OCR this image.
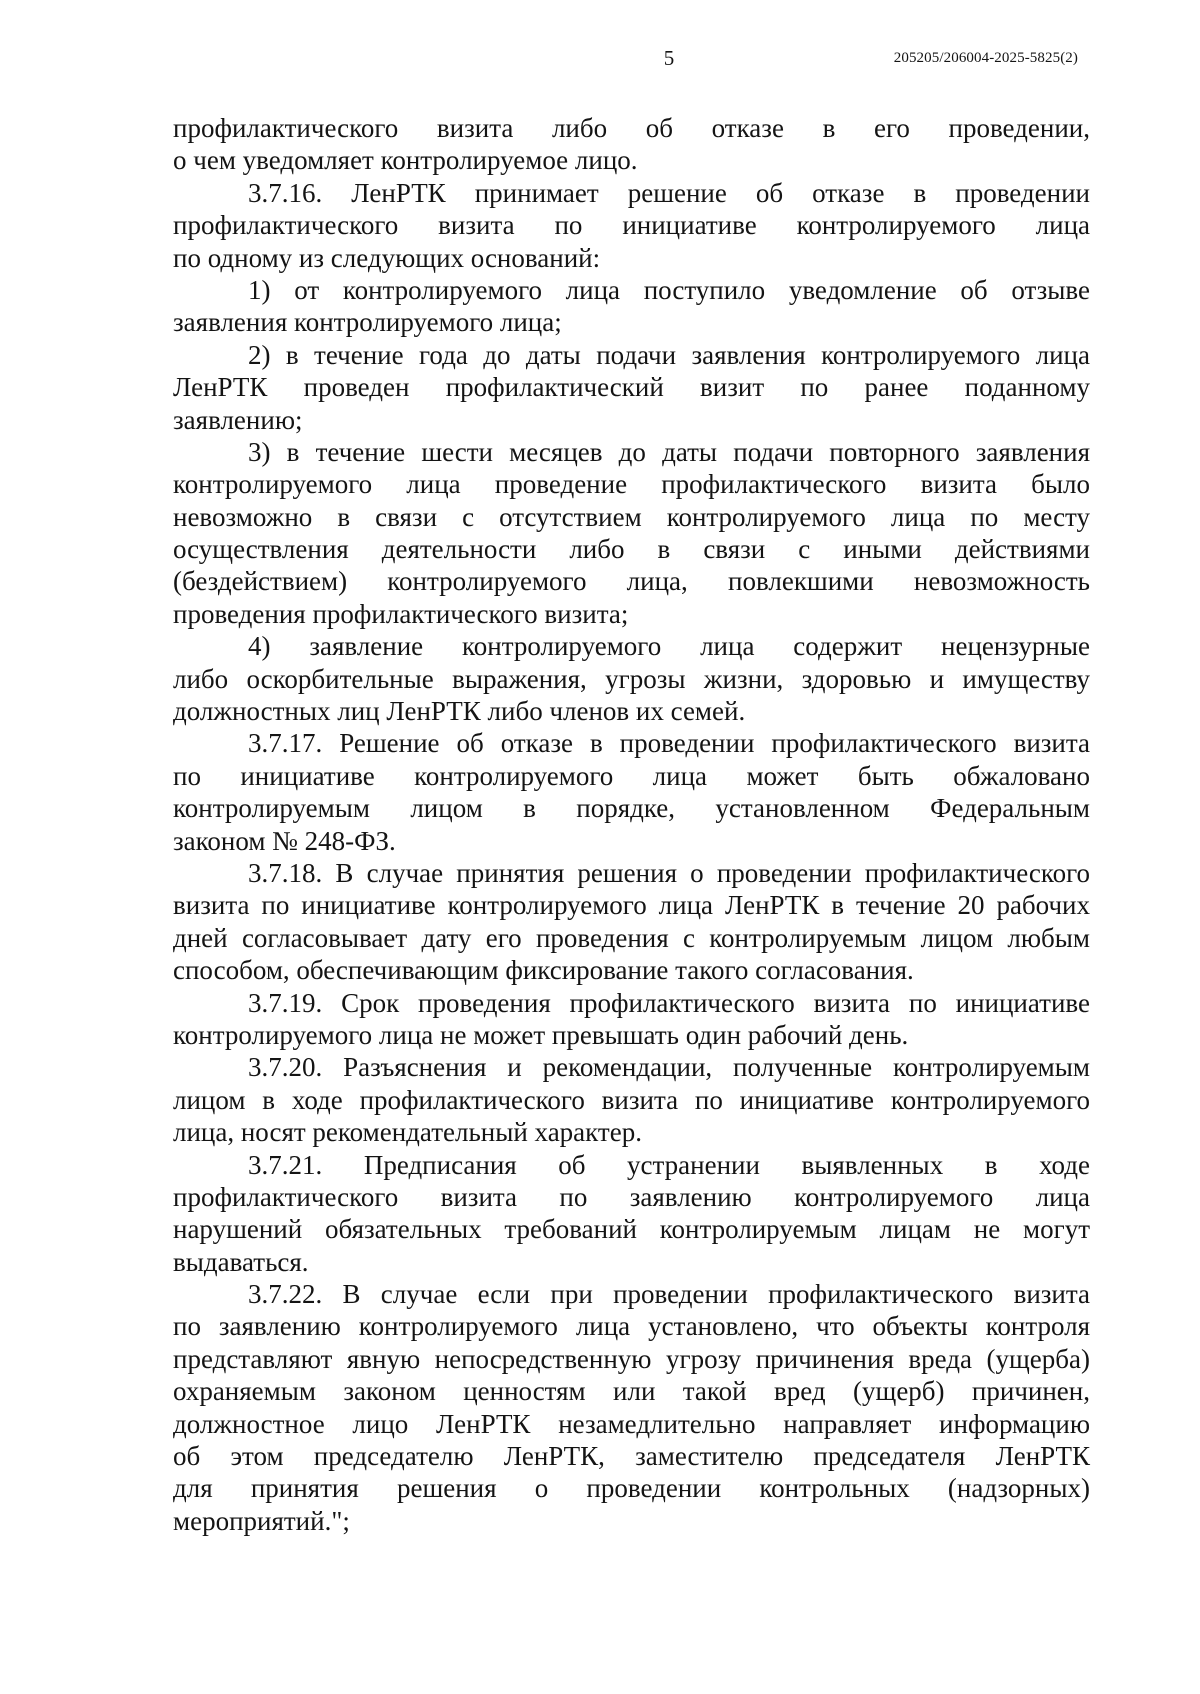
5	205205/206004-2025-5825(2)

профилактического визита либо об отказе в его проведении,
о чем уведомляет контролируемое лицо.

3.7.16. ЛенРТК принимает решение об отказе в проведении
профилактического визита по инициативе контролируемого лица
по одному из следующих оснований:

1) от контролируемого лица поступило уведомление об отзыве
заявления контролируемого лица;

2) в течение года до даты подачи заявления контролируемого лица
ЛенРТК проведен профилактический визит по ранее поданному
заявлению;

3) в течение шести месяцев до даты подачи повторного заявления
контролируемого лица проведение профилактического визита было
невозможно в связи с отсутствием контролируемого лица по месту
осуществления деятельности либо в связи с иными действиями
(бездействием) контролируемого лица, повлекшими невозможность
проведения профилактического визита;

4) заявление контролируемого лица содержит нецензурные
либо оскорбительные выражения, угрозы жизни, здоровью и имуществу
должностных лиц ЛенРТК либо членов их семей.

3.7.17. Решение об отказе в проведении профилактического визита
по инициативе контролируемого лица может быть обжаловано
контролируемым лицом в порядке, установленном Федеральным
законом № 248-ФЗ.

3.7.18. В случае принятия решения о проведении профилактического
визита по инициативе контролируемого лица ЛенРТК в течение 20 рабочих
дней согласовывает дату его проведения с контролируемым лицом любым
способом, обеспечивающим фиксирование такого согласования.

3.7.19. Срок проведения профилактического визита по инициативе
контролируемого лица не может превышать один рабочий день.

3.7.20. Разъяснения и рекомендации, полученные контролируемым
лицом в ходе профилактического визита по инициативе контролируемого
лица, носят рекомендательный характер.

3.7.21. Предписания об устранении выявленных в ходе
профилактического визита по заявлению контролируемого лица
нарушений обязательных требований контролируемым лицам не могут
выдаваться.

3.7.22. В случае если при проведении профилактического визита
по заявлению контролируемого лица установлено, что объекты контроля
представляют явную непосредственную угрозу причинения вреда (ущерба)
охраняемым законом ценностям или такой вред (ущерб) причинен,
должностное лицо ЛенРТК незамедлительно направляет информацию
об этом председателю ЛенРТК, заместителю председателя ЛенРТК
для принятия решения о проведении контрольных (надзорных)
мероприятий.";
